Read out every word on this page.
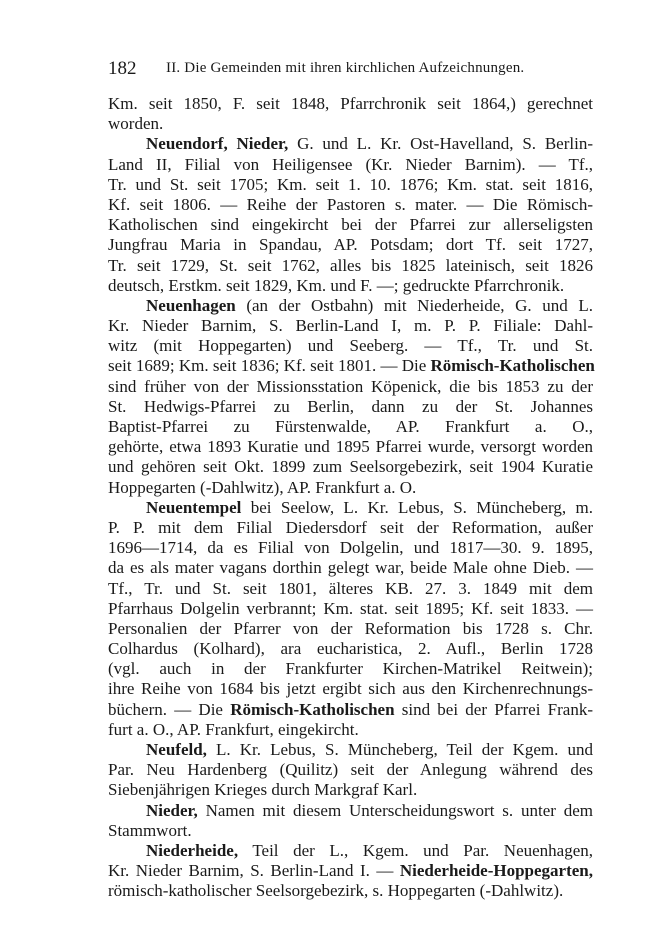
182 II. Die Gemeinden mit ihren kirchlichen Aufzeichnungen.
Km. seit 1850, F. seit 1848, Pfarrchronik seit 1864,) gerechnet
worden.
Neuendorf, Nieder, G. und L. Kr. Ost-Havelland, S. Berlin-
Land II, Filial von Heiligensee (Kr. Nieder Barnim). — Tf.,
Tr. und St. seit 1705; Km. seit 1. 10. 1876; Km. stat. seit 1816,
Kf. seit 1806. — Reihe der Pastoren s. mater. — Die Römisch-
Katholischen sind eingekircht bei der Pfarrei zur allerseligsten
Jungfrau Maria in Spandau, AP. Potsdam; dort Tf. seit 1727,
Tr. seit 1729, St. seit 1762, alles bis 1825 lateinisch, seit 1826
deutsch, Erstkm. seit 1829, Km. und F. —; gedruckte Pfarrchronik.
Neuenhagen (an der Ostbahn) mit Niederheide, G. und L.
Kr. Nieder Barnim, S. Berlin-Land I, m. P. P. Filiale: Dahl-
witz (mit Hoppegarten) und Seeberg. — Tf., Tr. und St.
seit 1689; Km. seit 1836; Kf. seit 1801. — Die Römisch-Katholischen
sind früher von der Missionsstation Köpenick, die bis 1853 zu der
St. Hedwigs-Pfarrei zu Berlin, dann zu der St. Johannes
Baptist-Pfarrei zu Fürstenwalde, AP. Frankfurt a. O.,
gehörte, etwa 1893 Kuratie und 1895 Pfarrei wurde, versorgt worden
und gehören seit Okt. 1899 zum Seelsorgebezirk, seit 1904 Kuratie
Hoppegarten (-Dahlwitz), AP. Frankfurt a. O.
Neuentempel bei Seelow, L. Kr. Lebus, S. Müncheberg, m.
P. P. mit dem Filial Diedersdorf seit der Reformation, außer
1696—1714, da es Filial von Dolgelin, und 1817—30. 9. 1895,
da es als mater vagans dorthin gelegt war, beide Male ohne Dieb. —
Tf., Tr. und St. seit 1801, älteres KB. 27. 3. 1849 mit dem
Pfarrhaus Dolgelin verbrannt; Km. stat. seit 1895; Kf. seit 1833. —
Personalien der Pfarrer von der Reformation bis 1728 s. Chr.
Colhardus (Kolhard), ara eucharistica, 2. Aufl., Berlin 1728
(vgl. auch in der Frankfurter Kirchen-Matrikel Reitwein);
ihre Reihe von 1684 bis jetzt ergibt sich aus den Kirchenrechnungs-
büchern. — Die Römisch-Katholischen sind bei der Pfarrei Frank-
furt a. O., AP. Frankfurt, eingekircht.
Neufeld, L. Kr. Lebus, S. Müncheberg, Teil der Kgem. und
Par. Neu Hardenberg (Quilitz) seit der Anlegung während des
Siebenjährigen Krieges durch Markgraf Karl.
Nieder, Namen mit diesem Unterscheidungswort s. unter dem
Stammwort.
Niederheide, Teil der L., Kgem. und Par. Neuenhagen,
Kr. Nieder Barnim, S. Berlin-Land I. — Niederheide-Hoppegarten,
römisch-katholischer Seelsorgebezirk, s. Hoppegarten (-Dahlwitz).
